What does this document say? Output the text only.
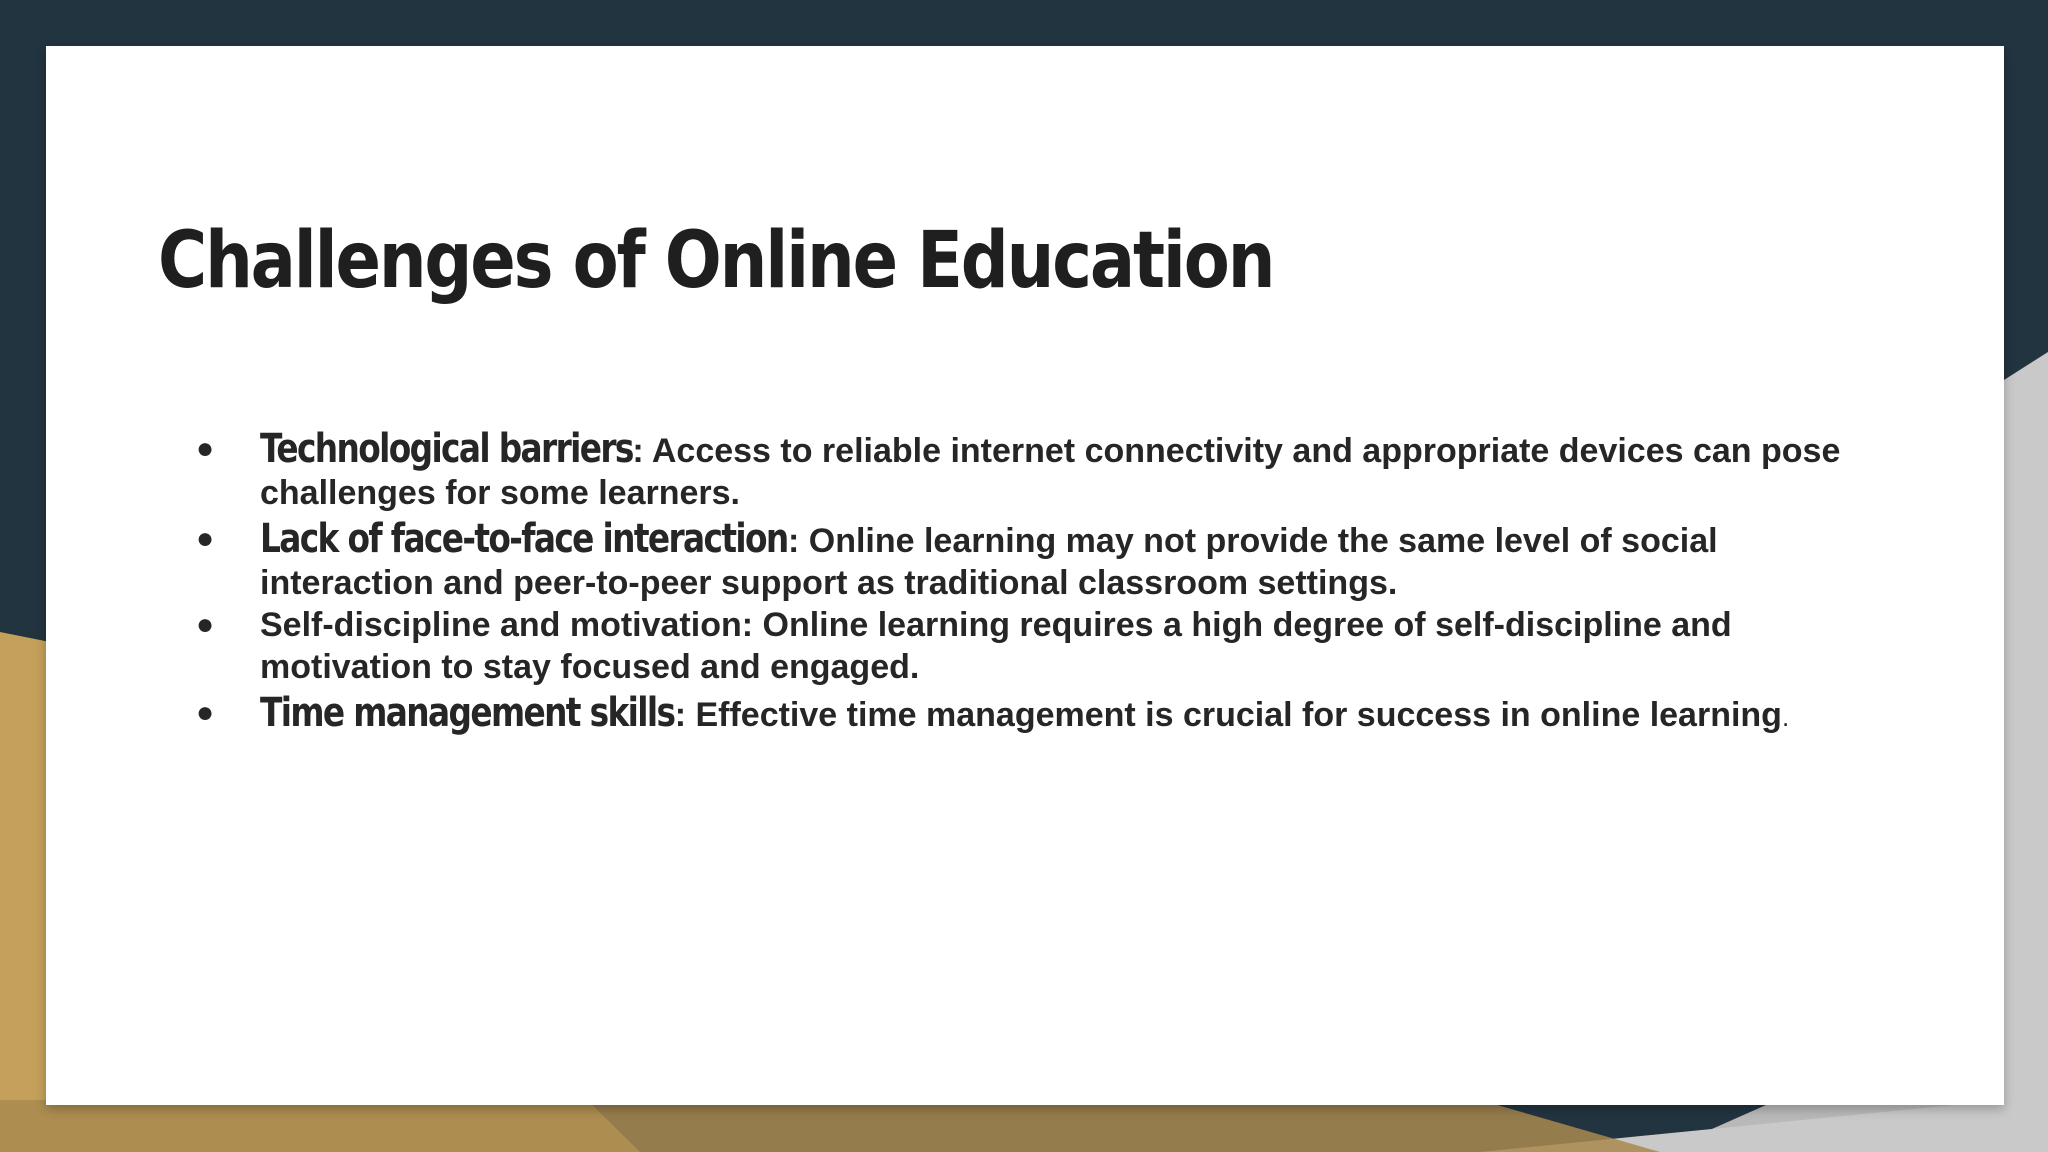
Challenges of Online Education
● Technological barriers: Access to reliable internet connectivity and appropriate devices can pose challenges for some learners.
● Lack of face-to-face interaction: Online learning may not provide the same level of social interaction and peer-to-peer support as traditional classroom settings.
● Self-discipline and motivation: Online learning requires a high degree of self-discipline and motivation to stay focused and engaged.
● Time management skills: Effective time management is crucial for success in online learning.
